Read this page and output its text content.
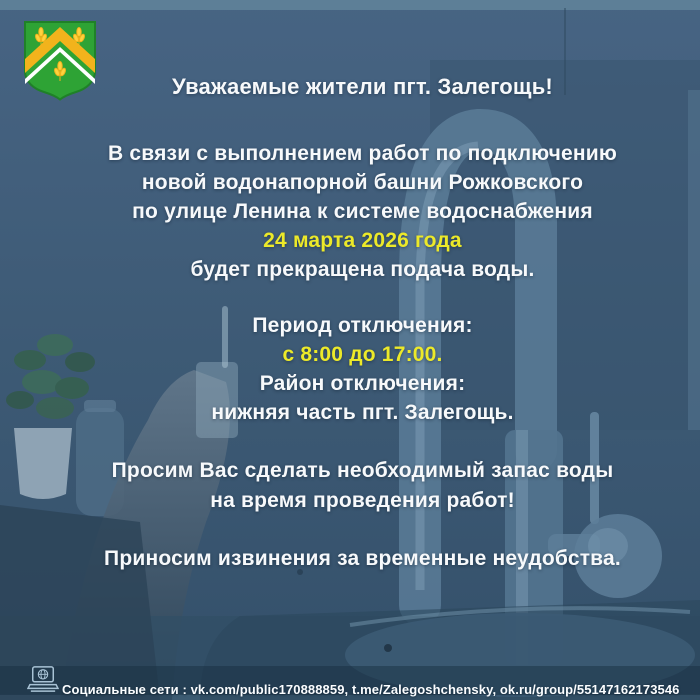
Уважаемые жители пгт. Залегощь!
В связи с выполнением работ по подключению
новой водонапорной башни Рожковского
по улице Ленина к системе водоснабжения
24 марта 2026 года
будет прекращена подача воды.
Период отключения:
с 8:00 до 17:00.
Район отключения:
нижняя часть пгт. Залегощь.
Просим Вас сделать необходимый запас воды
на время проведения работ!
Приносим извинения за временные неудобства.
Социальные сети : vk.com/public170888859, t.me/Zalegoshchensky, ok.ru/group/55147162173546
